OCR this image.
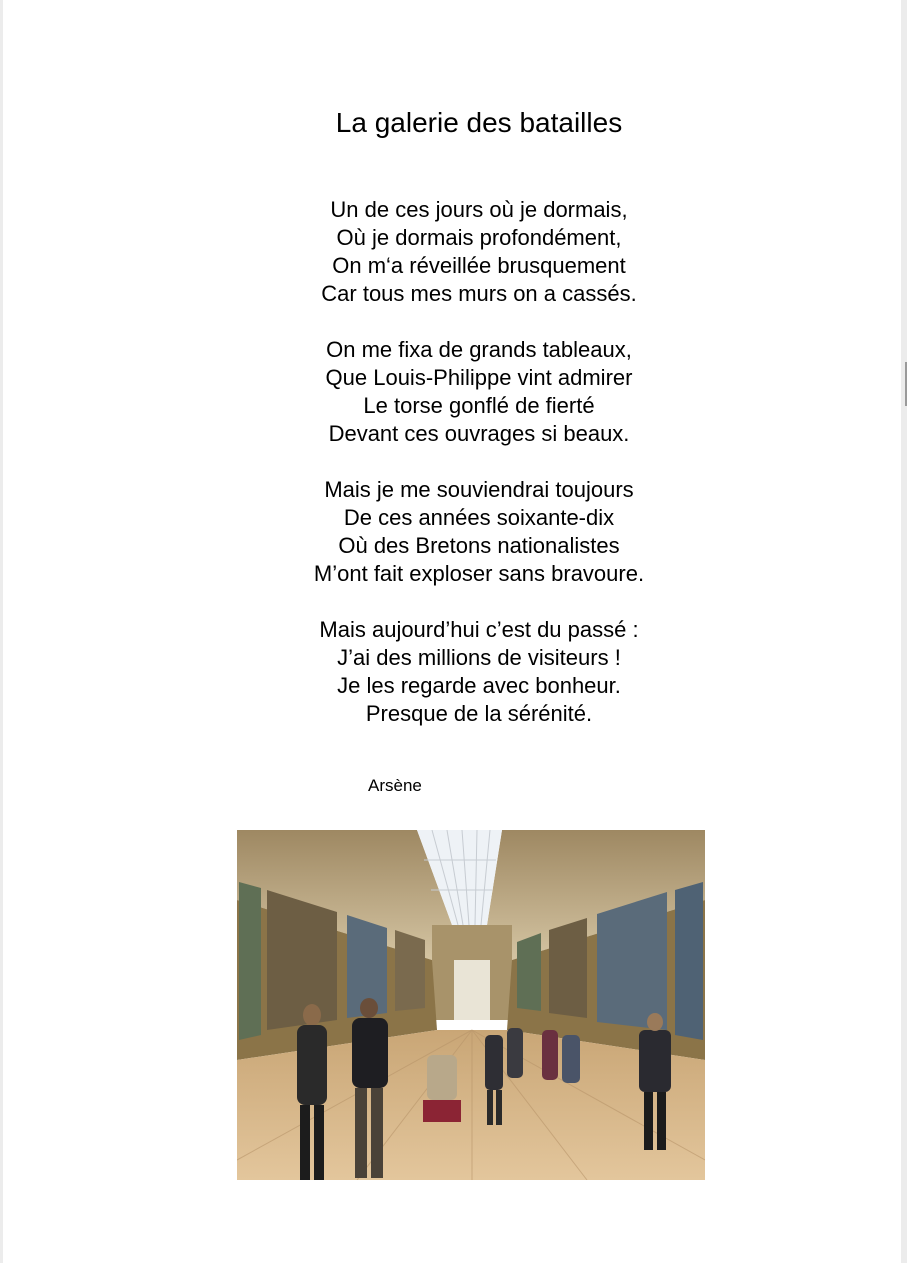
La galerie des batailles

Un de ces jours où je dormais,
Où je dormais profondément,
On m‘a réveillée brusquement
Car tous mes murs on a cassés.

On me fixa de grands tableaux,
Que Louis-Philippe vint admirer
Le torse gonflé de fierté
Devant ces ouvrages si beaux.

Mais je me souviendrai toujours
De ces années soixante-dix
Où des Bretons nationalistes
M’ont fait exploser sans bravoure.

Mais aujourd’hui c’est du passé :
J’ai des millions de visiteurs !
Je les regarde avec bonheur.
Presque de la sérénité.

Arsène
